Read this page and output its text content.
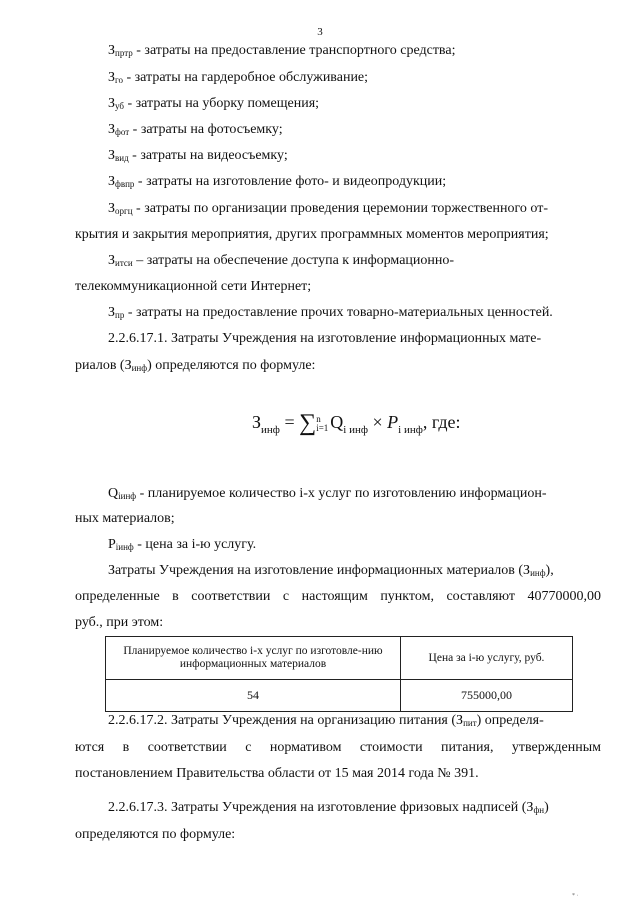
3
$З_{пртр}$ - затраты на предоставление транспортного средства;
$З_{го}$ - затраты на гардеробное обслуживание;
$З_{уб}$ - затраты на уборку помещения;
$З_{фот}$ - затраты на фотосъемку;
$З_{вид}$ - затраты на видеосъемку;
$З_{фвпр}$ - затраты на изготовление фото- и видеопродукции;
$З_{оргц}$ - затраты по организации проведения церемонии торжественного от-
крытия и закрытия мероприятия, других программных моментов мероприятия;
$З_{итси}$ – затраты на обеспечение доступа к информационно-
телекоммуникационной сети Интернет;
$З_{пр}$ - затраты на предоставление прочих товарно-материальных ценностей.
2.2.6.17.1. Затраты Учреждения на изготовление информационных мате-
риалов $(З_{инф})$ определяются по формуле:
$З_{инф} = \sum n$
i=1 $Q_{i инф} \times P_{i инф}$, где:
$Q_{iинф}$ - планируемое количество i-х услуг по изготовлению информацион-
ных материалов;
$P_{iинф}$ - цена за i-ю услугу.
Затраты Учреждения на изготовление информационных материалов $(З_{инф})$,
определенные в соответствии с настоящим пунктом, составляют 40770000,00
руб., при этом:
Планируемое количество i-х услуг по изготовле-нию информационных материалов	Цена за i-ю услугу, руб.
54	755000,00
2.2.6.17.2. Затраты Учреждения на организацию питания $(З_{пит})$ определя-
ются в соответствии с нормативом стоимости питания, утвержденным
постановлением Правительства области от 15 мая 2014 года № 391.
2.2.6.17.3. Затраты Учреждения на изготовление фризовых надписей $(З_{фн})$
определяются по формуле:
* ·
